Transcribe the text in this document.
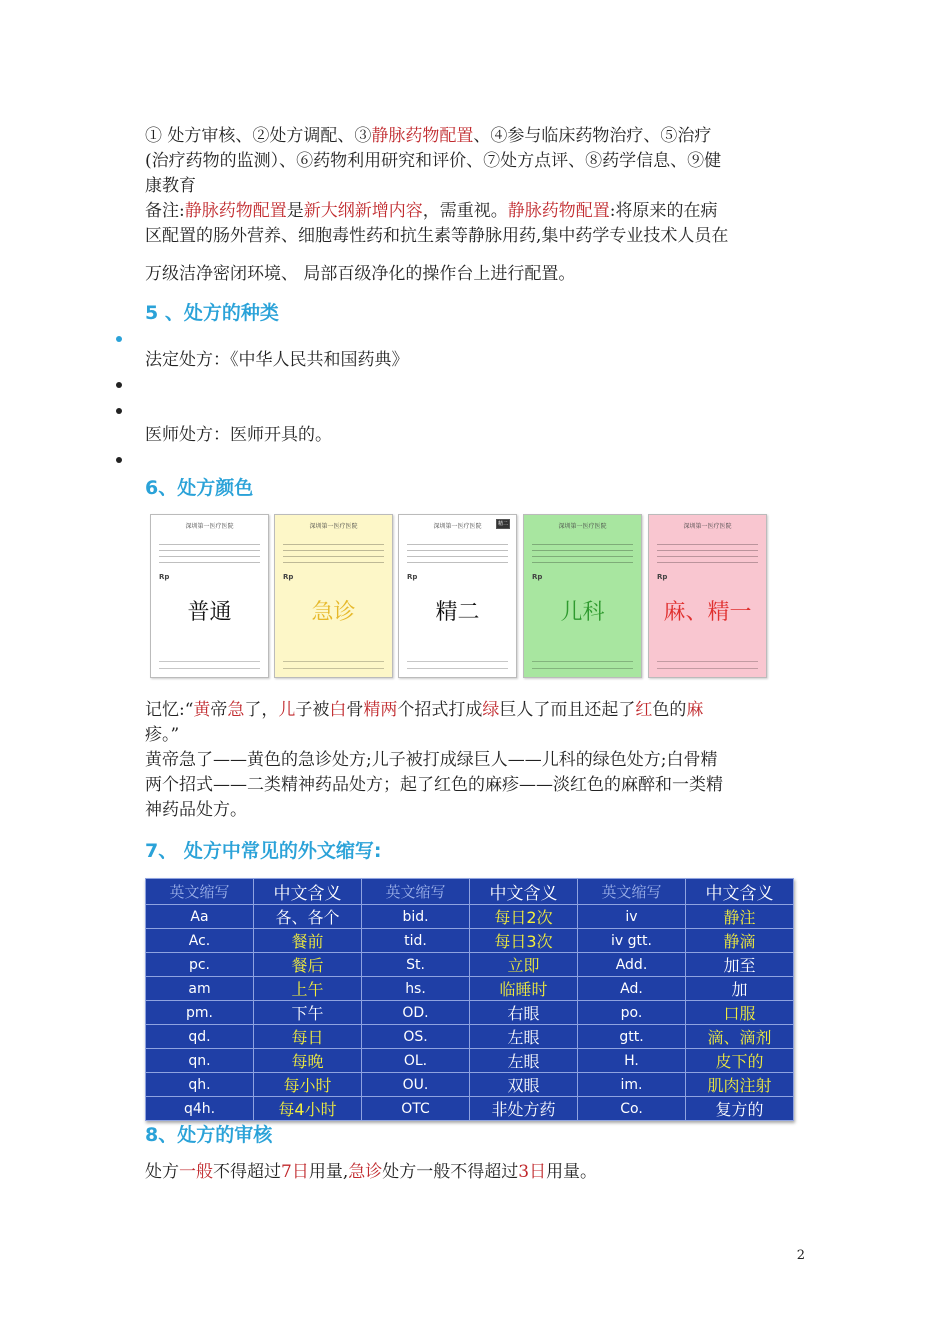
① 处方审核、②处方调配、③静脉药物配置、④参与临床药物治疗、⑤治疗
(治疗药物的监测）、⑥药物利用研究和评价、⑦处方点评、⑧药学信息、⑨健
康教育
备注:静脉药物配置是新大纲新增内容，需重视。静脉药物配置:将原来的在病
区配置的肠外营养、细胞毒性药和抗生素等静脉用药,集中药学专业技术人员在
万级洁净密闭环境、 局部百级净化的操作台上进行配置。
5 、处方的种类
法定处方：《中华人民共和国药典》
医师处方：医师开具的。
6、处方颜色
深圳第一医疗医院
Rp
普通
深圳第一医疗医院
Rp
急诊
深圳第一医疗医院	精二
Rp
精二
深圳第一医疗医院
Rp
儿科
深圳第一医疗医院
Rp
麻、精一
记忆:“黄帝急了，儿子被白骨精两个招式打成绿巨人了而且还起了红色的麻
疹。”
黄帝急了——黄色的急诊处方;儿子被打成绿巨人——儿科的绿色处方;白骨精
两个招式——二类精神药品处方；起了红色的麻疹——淡红色的麻醉和一类精
神药品处方。
7、 处方中常见的外文缩写:
英文缩写	中文含义	英文缩写	中文含义	英文缩写	中文含义
Aa	各、各个	bid.	每日2次	iv	静注
Ac.	餐前	tid.	每日3次	iv gtt.	静滴
pc.	餐后	St.	立即	Add.	加至
am	上午	hs.	临睡时	Ad.	加
pm.	下午	OD.	右眼	po.	口服
qd.	每日	OS.	左眼	gtt.	滴、滴剂
qn.	每晚	OL.	左眼	H.	皮下的
qh.	每小时	OU.	双眼	im.	肌肉注射
q4h.	每4小时	OTC	非处方药	Co.	复方的
8、处方的审核
处方一般不得超过7日用量,急诊处方一般不得超过3日用量。
2
